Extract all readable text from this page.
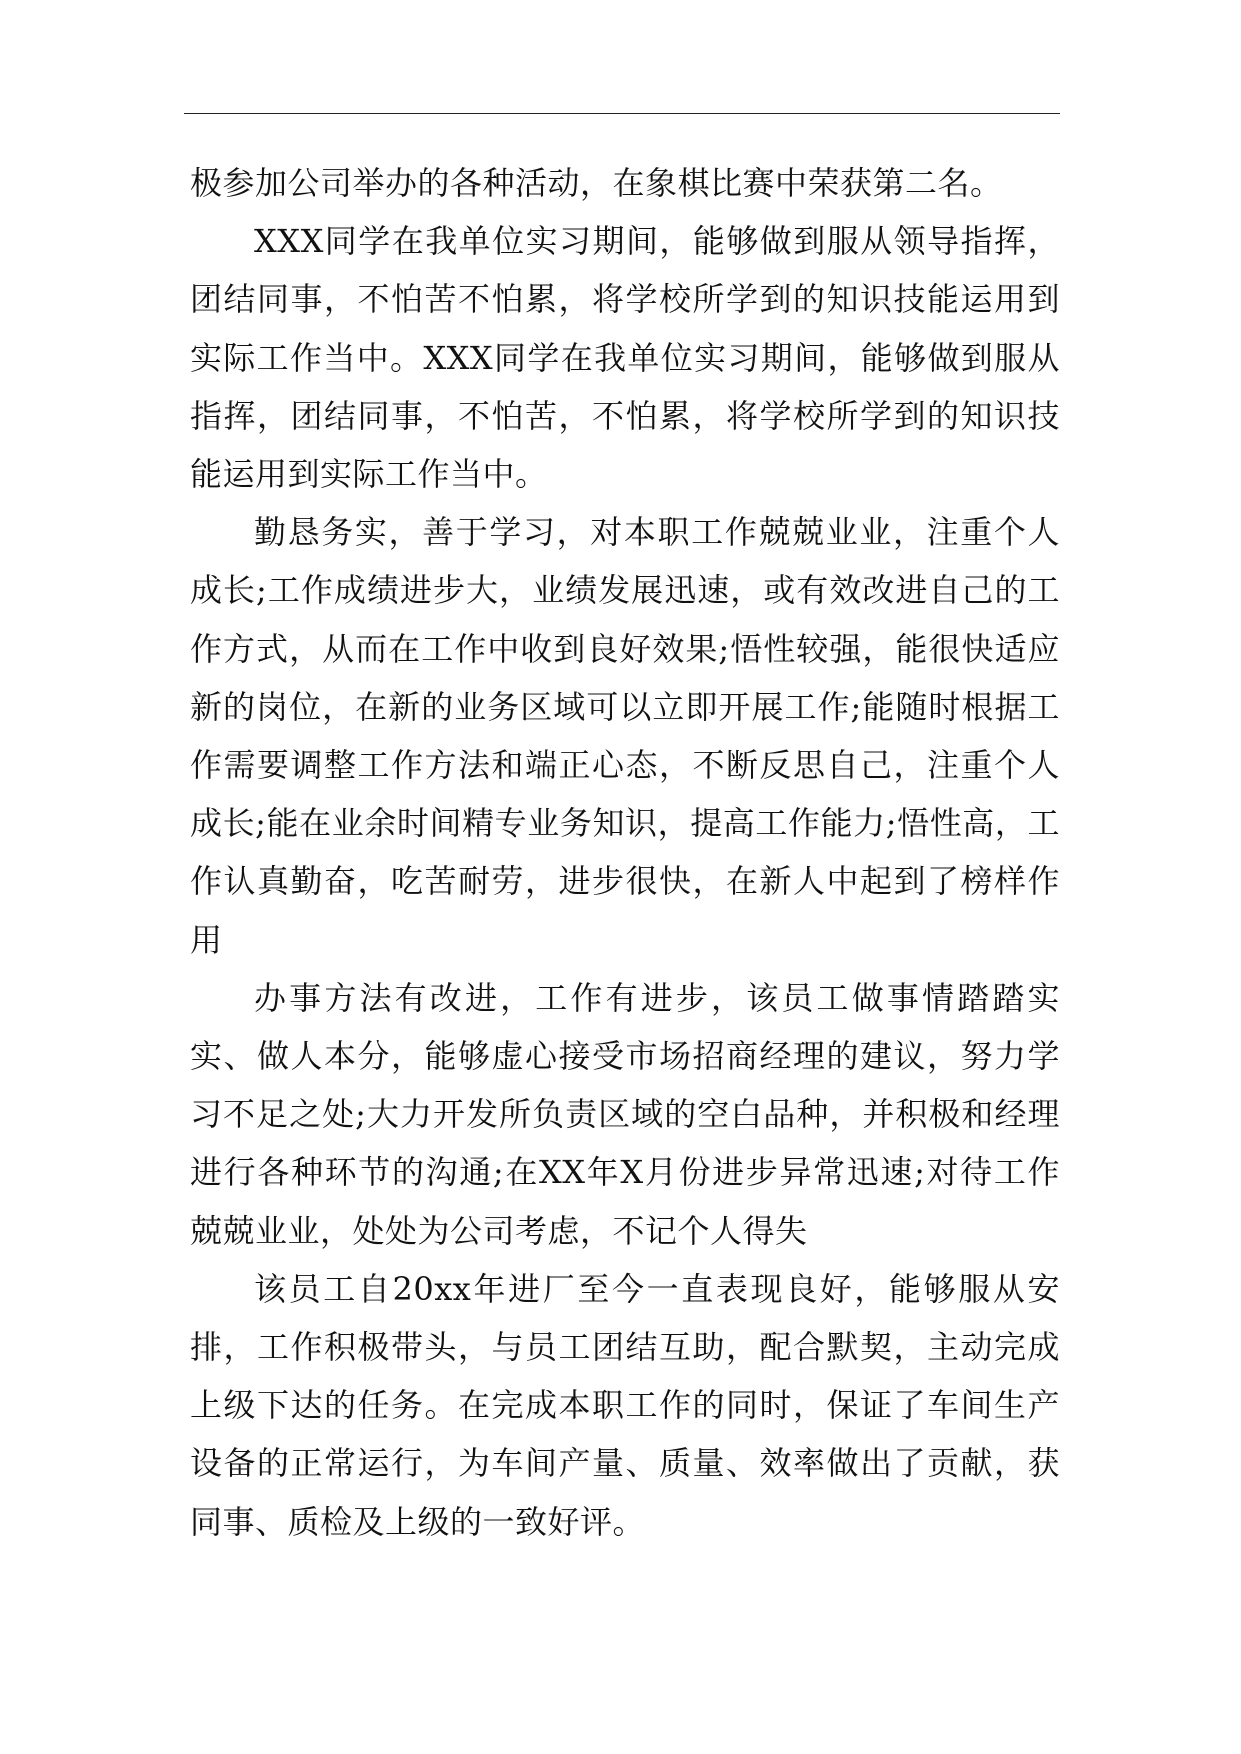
极参加公司举办的各种活动，在象棋比赛中荣获第二名。

XXX同学在我单位实习期间，能够做到服从领导指挥，团结同事，不怕苦不怕累，将学校所学到的知识技能运用到实际工作当中。XXX同学在我单位实习期间，能够做到服从指挥，团结同事，不怕苦，不怕累，将学校所学到的知识技能运用到实际工作当中。

勤恳务实，善于学习，对本职工作兢兢业业，注重个人成长;工作成绩进步大，业绩发展迅速，或有效改进自己的工作方式，从而在工作中收到良好效果;悟性较强，能很快适应新的岗位，在新的业务区域可以立即开展工作;能随时根据工作需要调整工作方法和端正心态，不断反思自己，注重个人成长;能在业余时间精专业务知识，提高工作能力;悟性高，工作认真勤奋，吃苦耐劳，进步很快，在新人中起到了榜样作用

办事方法有改进，工作有进步，该员工做事情踏踏实实、做人本分，能够虚心接受市场招商经理的建议，努力学习不足之处;大力开发所负责区域的空白品种，并积极和经理进行各种环节的沟通;在XX年X月份进步异常迅速;对待工作兢兢业业，处处为公司考虑，不记个人得失

该员工自20xx年进厂至今一直表现良好，能够服从安排，工作积极带头，与员工团结互助，配合默契，主动完成上级下达的任务。在完成本职工作的同时，保证了车间生产设备的正常运行，为车间产量、质量、效率做出了贡献，获同事、质检及上级的一致好评。
